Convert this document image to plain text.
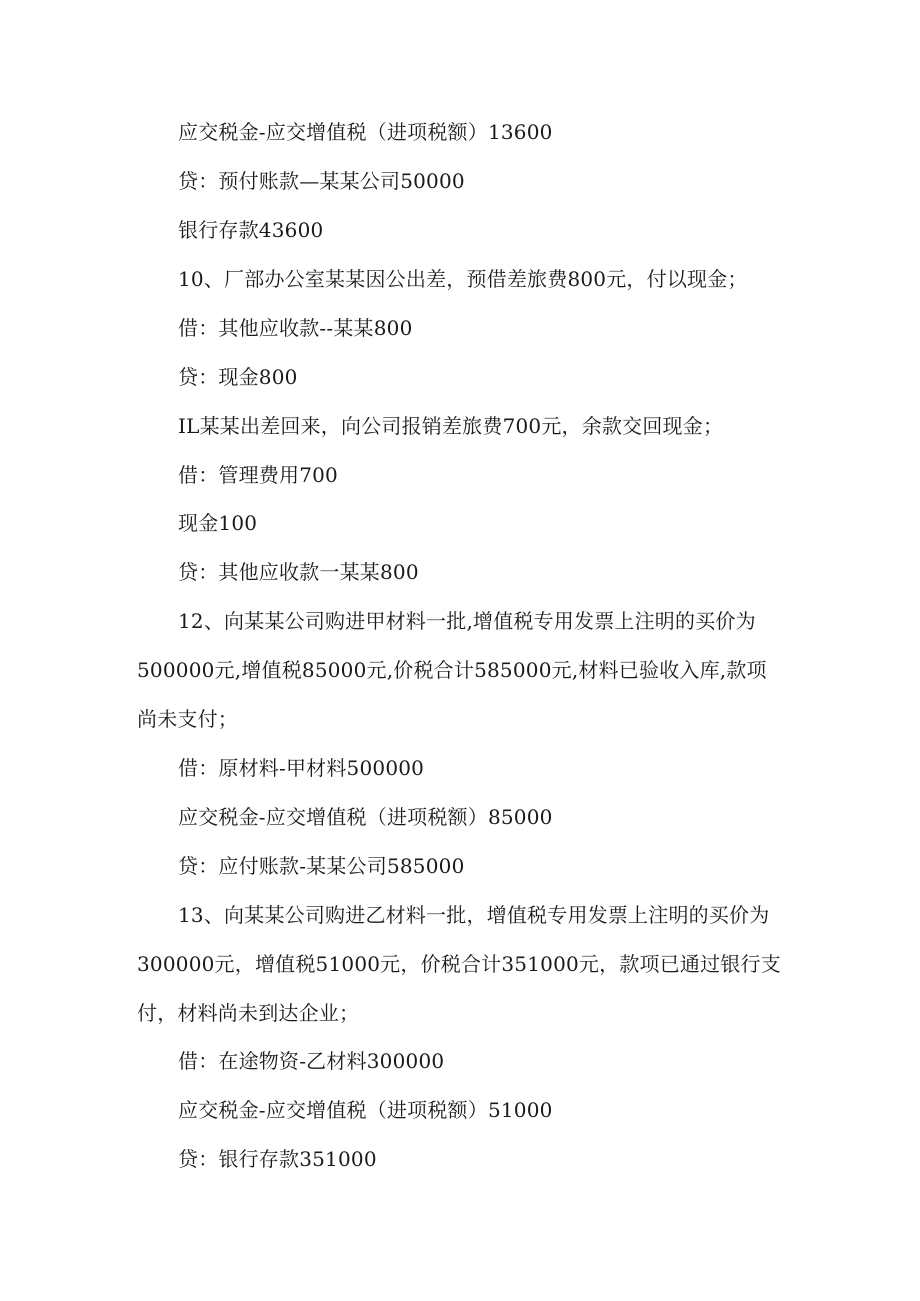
应交税金-应交增值税（进项税额）13600
贷：预付账款—某某公司50000
银行存款43600
10、厂部办公室某某因公出差，预借差旅费800元，付以现金；
借：其他应收款--某某800
贷：现金800
IL某某出差回来，向公司报销差旅费700元，余款交回现金；
借：管理费用700
现金100
贷：其他应收款一某某800
12、向某某公司购进甲材料一批,增值税专用发票上注明的买价为
500000元,增值税85000元,价税合计585000元,材料已验收入库,款项
尚未支付；
借：原材料-甲材料500000
应交税金-应交增值税（进项税额）85000
贷：应付账款-某某公司585000
13、向某某公司购进乙材料一批，增值税专用发票上注明的买价为
300000元，增值税51000元，价税合计351000元，款项已通过银行支
付，材料尚未到达企业；
借：在途物资-乙材料300000
应交税金-应交增值税（进项税额）51000
贷：银行存款351000
